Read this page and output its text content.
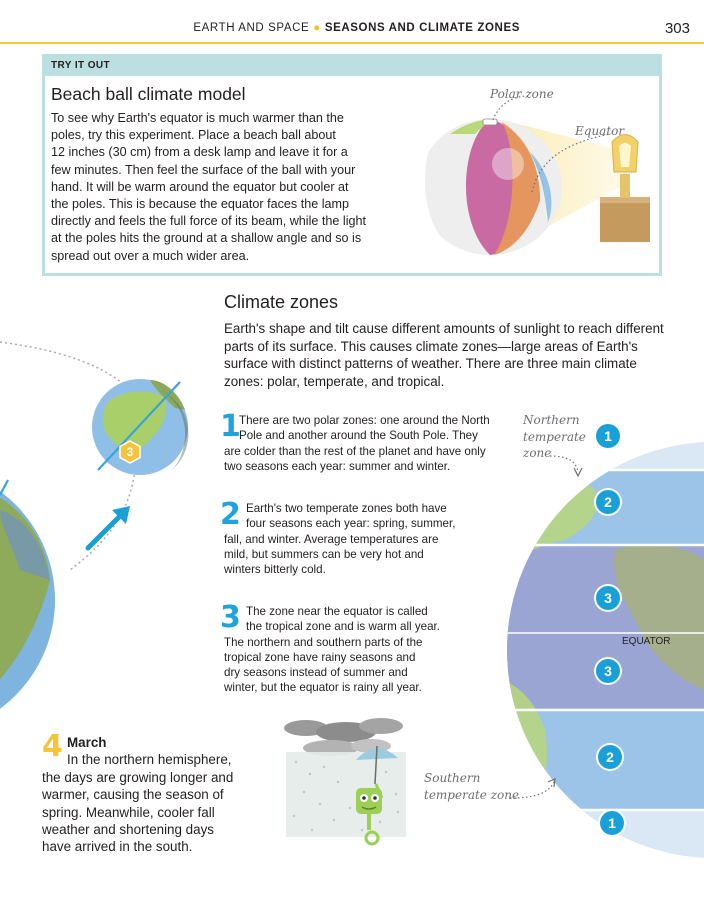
EARTH AND SPACE ● SEASONS AND CLIMATE ZONES	303
TRY IT OUT
Beach ball climate model
To see why Earth's equator is much warmer than the
poles, try this experiment. Place a beach ball about
12 inches (30 cm) from a desk lamp and leave it for a
few minutes. Then feel the surface of the ball with your
hand. It will be warm around the equator but cooler at
the poles. This is because the equator faces the lamp
directly and feels the full force of its beam, while the light
at the poles hits the ground at a shallow angle and so is
spread out over a much wider area.
Polar zone
Equator
3
Climate zones
Earth's shape and tilt cause different amounts of sunlight to reach different
parts of its surface. This causes climate zones—large areas of Earth's
surface with distinct patterns of weather. There are three main climate
zones: polar, temperate, and tropical.
1
There are two polar zones: one around the North
Pole and another around the South Pole. They
are colder than the rest of the planet and have only
two seasons each year: summer and winter.
2 Earth's two temperate zones both have
four seasons each year: spring, summer,
fall, and winter. Average temperatures are
mild, but summers can be very hot and
winters bitterly cold.
3 The zone near the equator is called
the tropical zone and is warm all year.
The northern and southern parts of the
tropical zone have rainy seasons and
dry seasons instead of summer and
winter, but the equator is rainy all year.
1
2
3
EQUATOR
3
2
1
Northern
temperate
zone
Southern
temperate zone
4 March
In the northern hemisphere,
the days are growing longer and
warmer, causing the season of
spring. Meanwhile, cooler fall
weather and shortening days
have arrived in the south.
